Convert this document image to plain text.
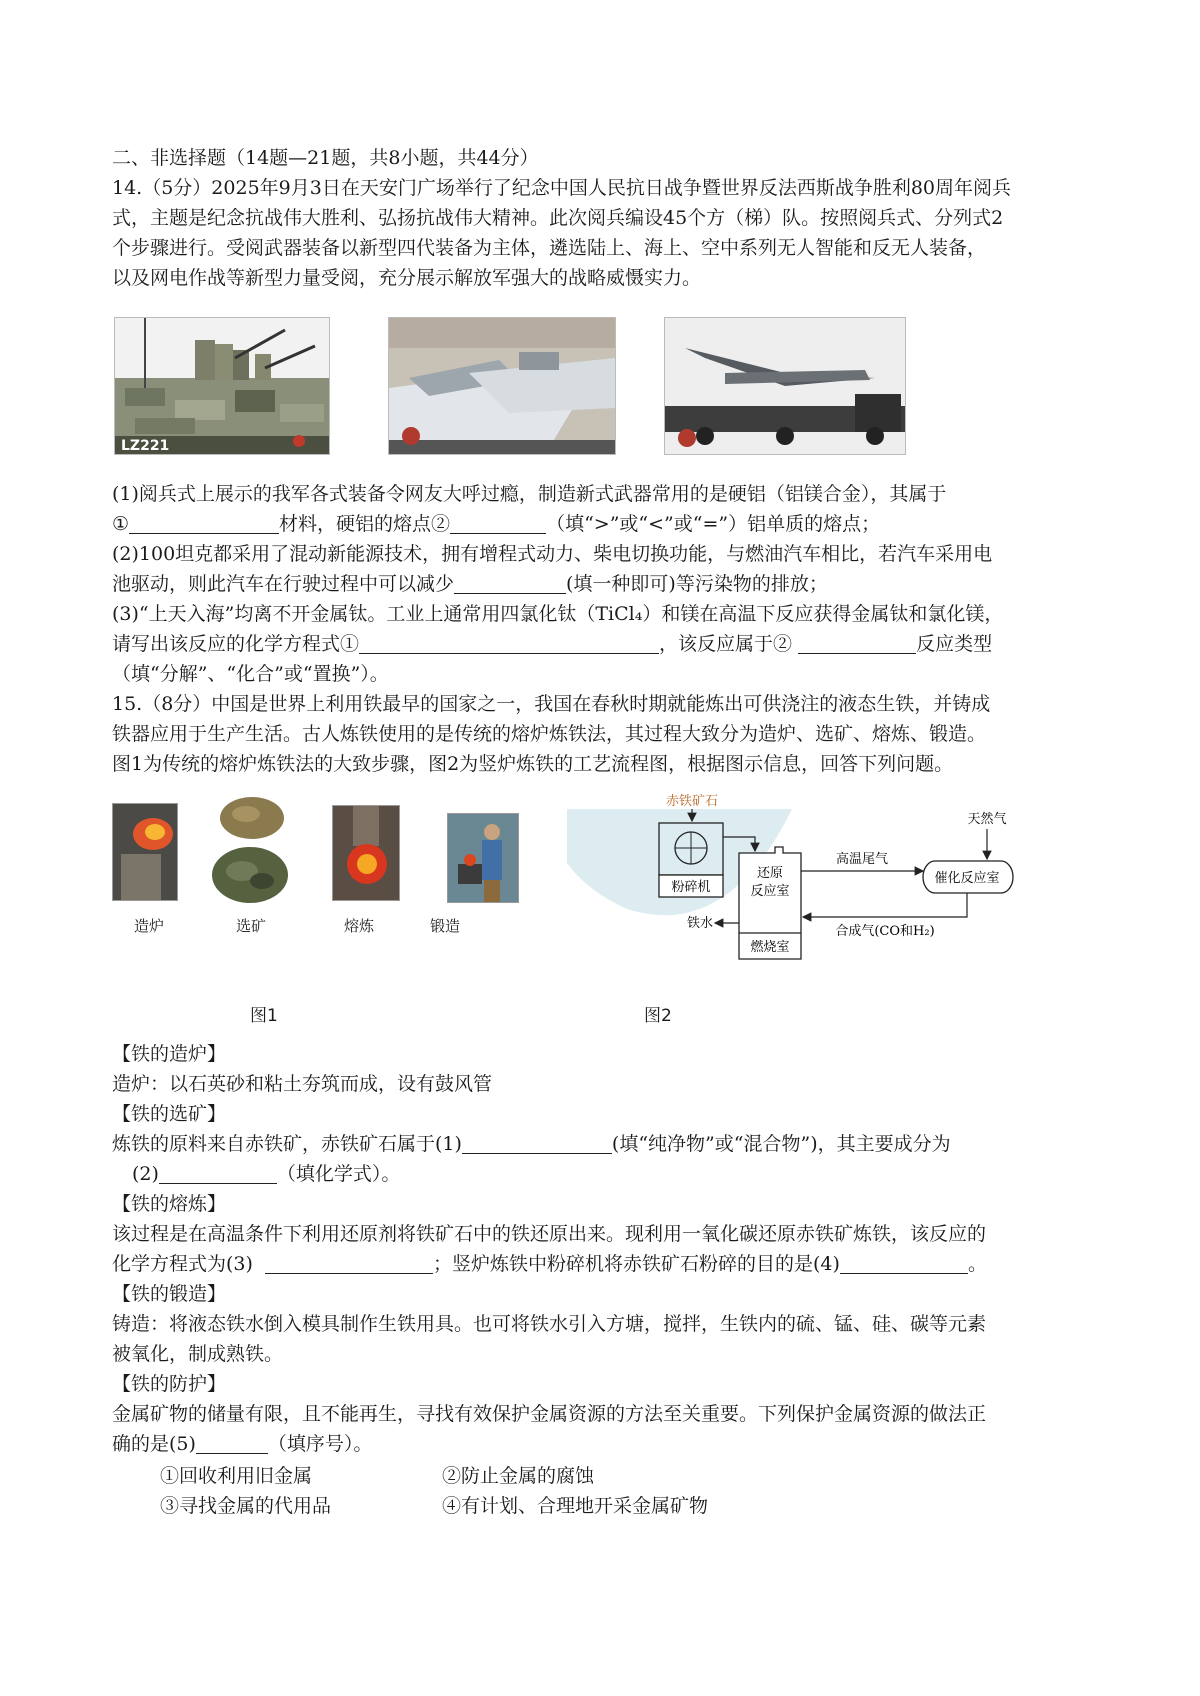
二、非选择题（14题—21题，共8小题，共44分）

14.（5分）2025年9月3日在天安门广场举行了纪念中国人民抗日战争暨世界反法西斯战争胜利80周年阅兵

式，主题是纪念抗战伟大胜利、弘扬抗战伟大精神。此次阅兵编设45个方（梯）队。按照阅兵式、分列式2

个步骤进行。受阅武器装备以新型四代装备为主体，遴选陆上、海上、空中系列无人智能和反无人装备，

以及网电作战等新型力量受阅，充分展示解放军强大的战略威慑实力。

LZ221

(1)阅兵式上展示的我军各式装备令网友大呼过瘾，制造新式武器常用的是硬铝（铝镁合金），其属于

①	材料，硬铝的熔点②	（填“>”或“<”或“=”）铝单质的熔点；

(2)100坦克都采用了混动新能源技术，拥有增程式动力、柴电切换功能，与燃油汽车相比，若汽车采用电

池驱动，则此汽车在行驶过程中可以减少	(填一种即可)等污染物的排放；

(3)“上天入海”均离不开金属钛。工业上通常用四氯化钛（TiCl₄）和镁在高温下反应获得金属钛和氯化镁，

请写出该反应的化学方程式①	，该反应属于②	反应类型

（填“分解”、“化合”或“置换”）。

15.（8分）中国是世界上利用铁最早的国家之一，我国在春秋时期就能炼出可供浇注的液态生铁，并铸成

铁器应用于生产生活。古人炼铁使用的是传统的熔炉炼铁法，其过程大致分为造炉、选矿、熔炼、锻造。

图1为传统的熔炉炼铁法的大致步骤，图2为竖炉炼铁的工艺流程图，根据图示信息，回答下列问题。

造炉	选矿	熔炼	锻造
赤铁矿石
粉碎机
还原
反应室
燃烧室
铁水
高温尾气
催化反应室
天然气
合成气(CO和H₂)
图1	图2

【铁的造炉】

造炉：以石英砂和粘土夯筑而成，设有鼓风管

【铁的选矿】

炼铁的原料来自赤铁矿，赤铁矿石属于(1)	(填“纯净物”或“混合物”)，其主要成分为

(2)	（填化学式）。

【铁的熔炼】

该过程是在高温条件下利用还原剂将铁矿石中的铁还原出来。现利用一氧化碳还原赤铁矿炼铁，该反应的

化学方程式为(3)	；竖炉炼铁中粉碎机将赤铁矿石粉碎的目的是(4)	。

【铁的锻造】

铸造：将液态铁水倒入模具制作生铁用具。也可将铁水引入方塘，搅拌，生铁内的硫、锰、硅、碳等元素

被氧化，制成熟铁。

【铁的防护】

金属矿物的储量有限，且不能再生，寻找有效保护金属资源的方法至关重要。下列保护金属资源的做法正

确的是(5)	（填序号）。

①回收利用旧金属	②防止金属的腐蚀
③寻找金属的代用品	④有计划、合理地开采金属矿物
